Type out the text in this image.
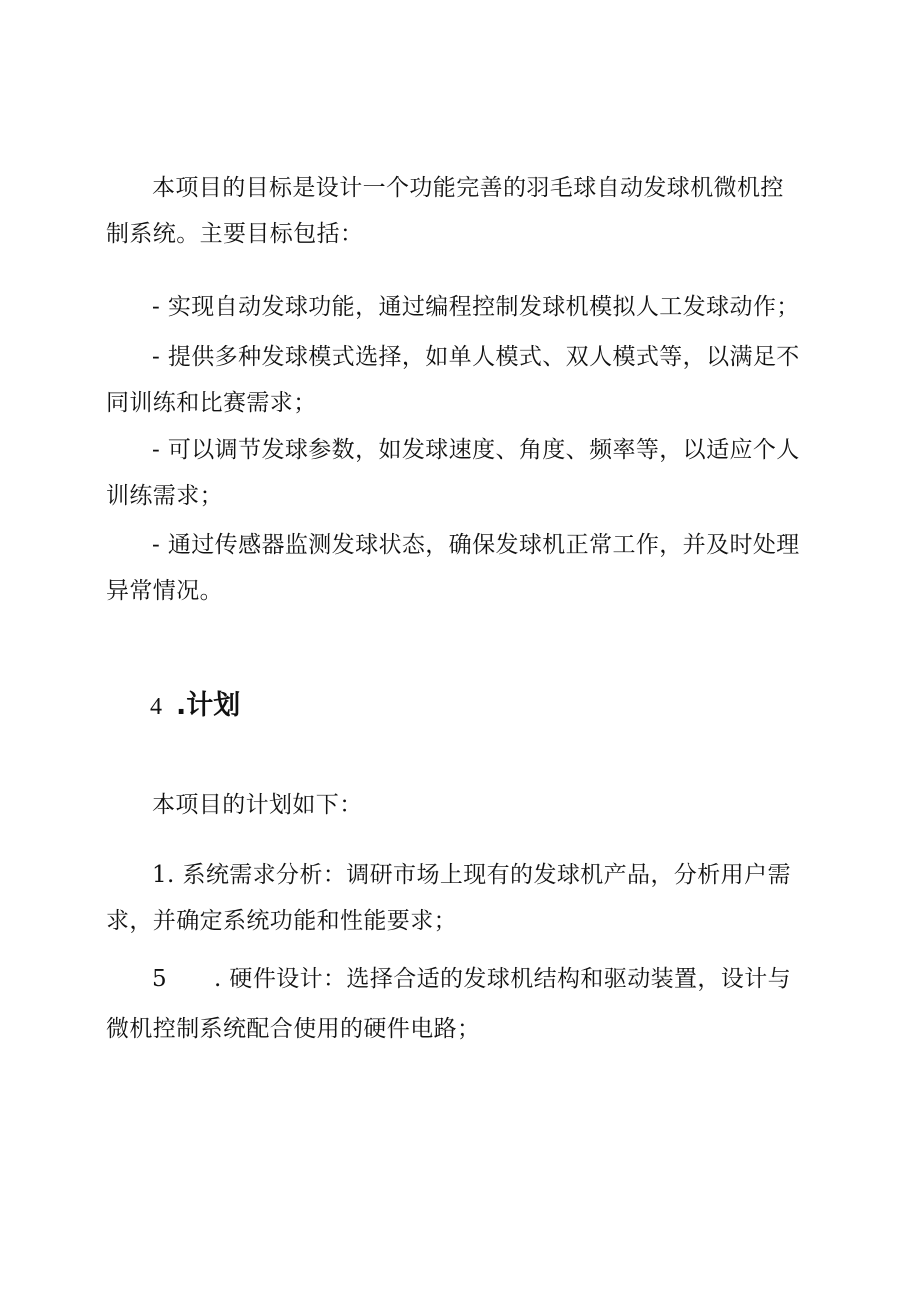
本项目的目标是设计一个功能完善的羽毛球自动发球机微机控制系统。主要目标包括：

- 实现自动发球功能，通过编程控制发球机模拟人工发球动作；

- 提供多种发球模式选择，如单人模式、双人模式等，以满足不同训练和比赛需求；

- 可以调节发球参数，如发球速度、角度、频率等，以适应个人训练需求；

- 通过传感器监测发球状态，确保发球机正常工作，并及时处理异常情况。

4 .计划

本项目的计划如下：

1. 系统需求分析：调研市场上现有的发球机产品，分析用户需求，并确定系统功能和性能要求；

5 . 硬件设计：选择合适的发球机结构和驱动装置，设计与微机控制系统配合使用的硬件电路；
